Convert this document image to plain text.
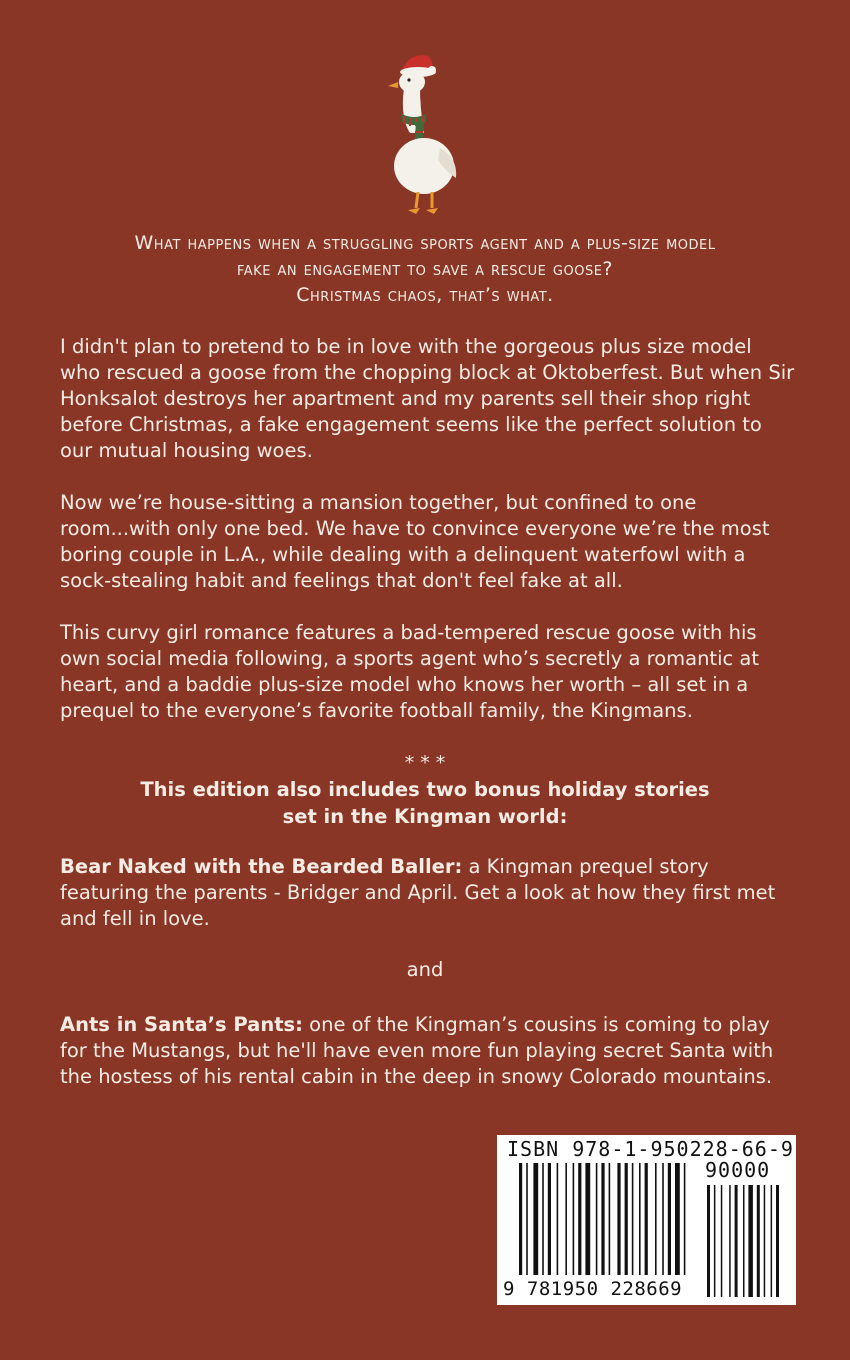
What happens when a struggling sports agent and a plus-size model
fake an engagement to save a rescue goose?
Christmas chaos, that’s what.

I didn't plan to pretend to be in love with the gorgeous plus size model who rescued a goose from the chopping block at Oktoberfest. But when Sir Honksalot destroys her apartment and my parents sell their shop right before Christmas, a fake engagement seems like the perfect solution to our mutual housing woes.

Now we’re house-sitting a mansion together, but confined to one room...with only one bed. We have to convince everyone we’re the most boring couple in L.A., while dealing with a delinquent waterfowl with a sock-stealing habit and feelings that don't feel fake at all.

This curvy girl romance features a bad-tempered rescue goose with his own social media following, a sports agent who’s secretly a romantic at heart, and a baddie plus-size model who knows her worth – all set in a prequel to the everyone’s favorite football family, the Kingmans.

* * *
This edition also includes two bonus holiday stories
set in the Kingman world:

Bear Naked with the Bearded Baller: a Kingman prequel story featuring the parents - Bridger and April. Get a look at how they first met and fell in love.

and

Ants in Santa’s Pants: one of the Kingman’s cousins is coming to play for the Mustangs, but he'll have even more fun playing secret Santa with the hostess of his rental cabin in the deep in snowy Colorado mountains.

ISBN 978-1-950228-66-9
90000
9 781950 228669
